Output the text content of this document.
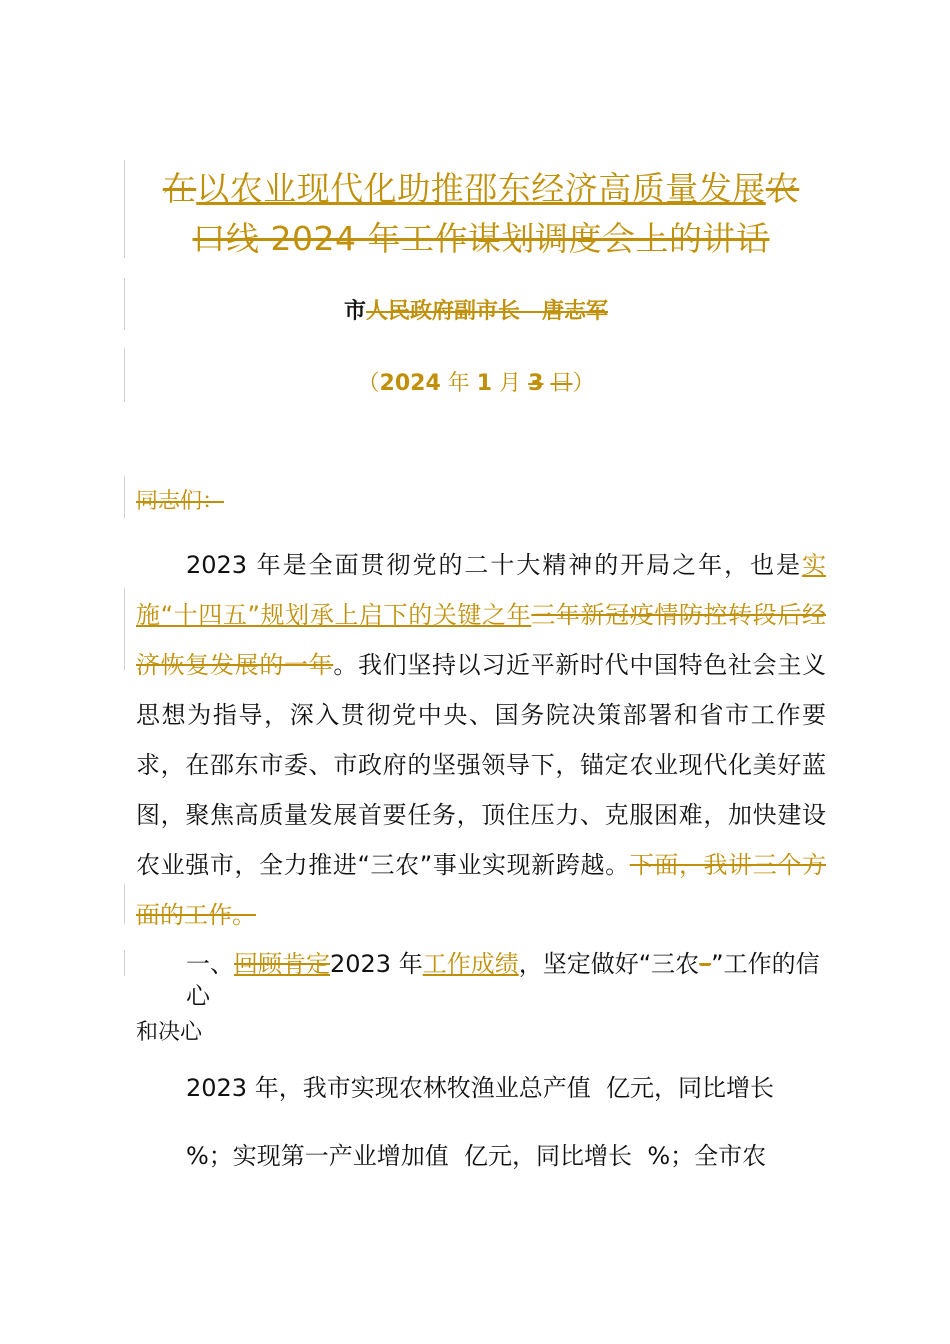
在以农业现代化助推邵东经济高质量发展农
口线 2024 年工作谋划调度会上的讲话
市人民政府副市长　唐志军
（2024 年 1 月 3 日）
同志们：

2023 年是全面贯彻党的二十大精神的开局之年，也是实施“十四五”规划承上启下的关键之年三年新冠疫情防控转段后经济恢复发展的一年。我们坚持以习近平新时代中国特色社会主义思想为指导，深入贯彻党中央、国务院决策部署和省市工作要求，在邵东市委、市政府的坚强领导下，锚定农业现代化美好蓝图，聚焦高质量发展首要任务，顶住压力、克服困难，加快建设农业强市，全力推进“三农”事业实现新跨越。下面，我讲三个方面的工作。

一、回顾肯定2023 年工作成绩，坚定做好“三农–”工作的信心
和决心
2023 年，我市实现农林牧渔业总产值  亿元，同比增长
%；实现第一产业增加值  亿元，同比增长  %；全市农
